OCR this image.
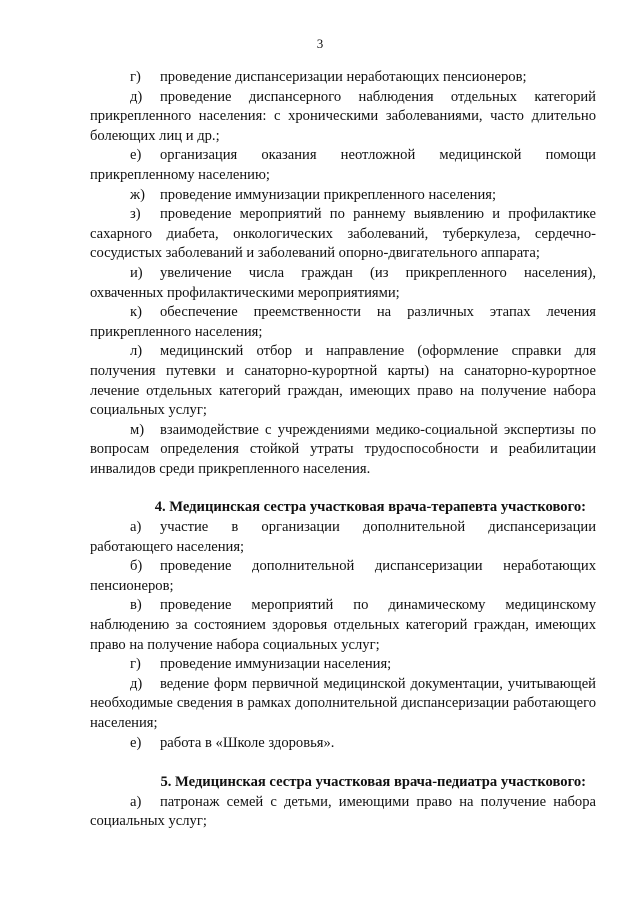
3

г) проведение диспансеризации неработающих пенсионеров;

д) проведение диспансерного наблюдения отдельных категорий прикрепленного населения: с хроническими заболеваниями, часто длительно болеющих лиц и др.;

е) организация оказания неотложной медицинской помощи прикрепленному населению;

ж) проведение иммунизации прикрепленного населения;

з) проведение мероприятий по раннему выявлению и профилактике сахарного диабета, онкологических заболеваний, туберкулеза, сердечно-сосудистых заболеваний и заболеваний опорно-двигательного аппарата;

и) увеличение числа граждан (из прикрепленного населения), охваченных профилактическими мероприятиями;

к) обеспечение преемственности на различных этапах лечения прикрепленного населения;

л) медицинский отбор и направление (оформление справки для получения путевки и санаторно-курортной карты) на санаторно-курортное лечение отдельных категорий граждан, имеющих право на получение набора социальных услуг;

м) взаимодействие с учреждениями медико-социальной экспертизы по вопросам определения стойкой утраты трудоспособности и реабилитации инвалидов среди прикрепленного населения.

4. Медицинская сестра участковая врача-терапевта участкового:

а) участие в организации дополнительной диспансеризации работающего населения;

б) проведение дополнительной диспансеризации неработающих пенсионеров;

в) проведение мероприятий по динамическому медицинскому наблюдению за состоянием здоровья отдельных категорий граждан, имеющих право на получение набора социальных услуг;

г) проведение иммунизации населения;

д) ведение форм первичной медицинской документации, учитывающей необходимые сведения в рамках дополнительной диспансеризации работающего населения;

е) работа в «Школе здоровья».

5. Медицинская сестра участковая врача-педиатра участкового:

а) патронаж семей с детьми, имеющими право на получение набора социальных услуг;
